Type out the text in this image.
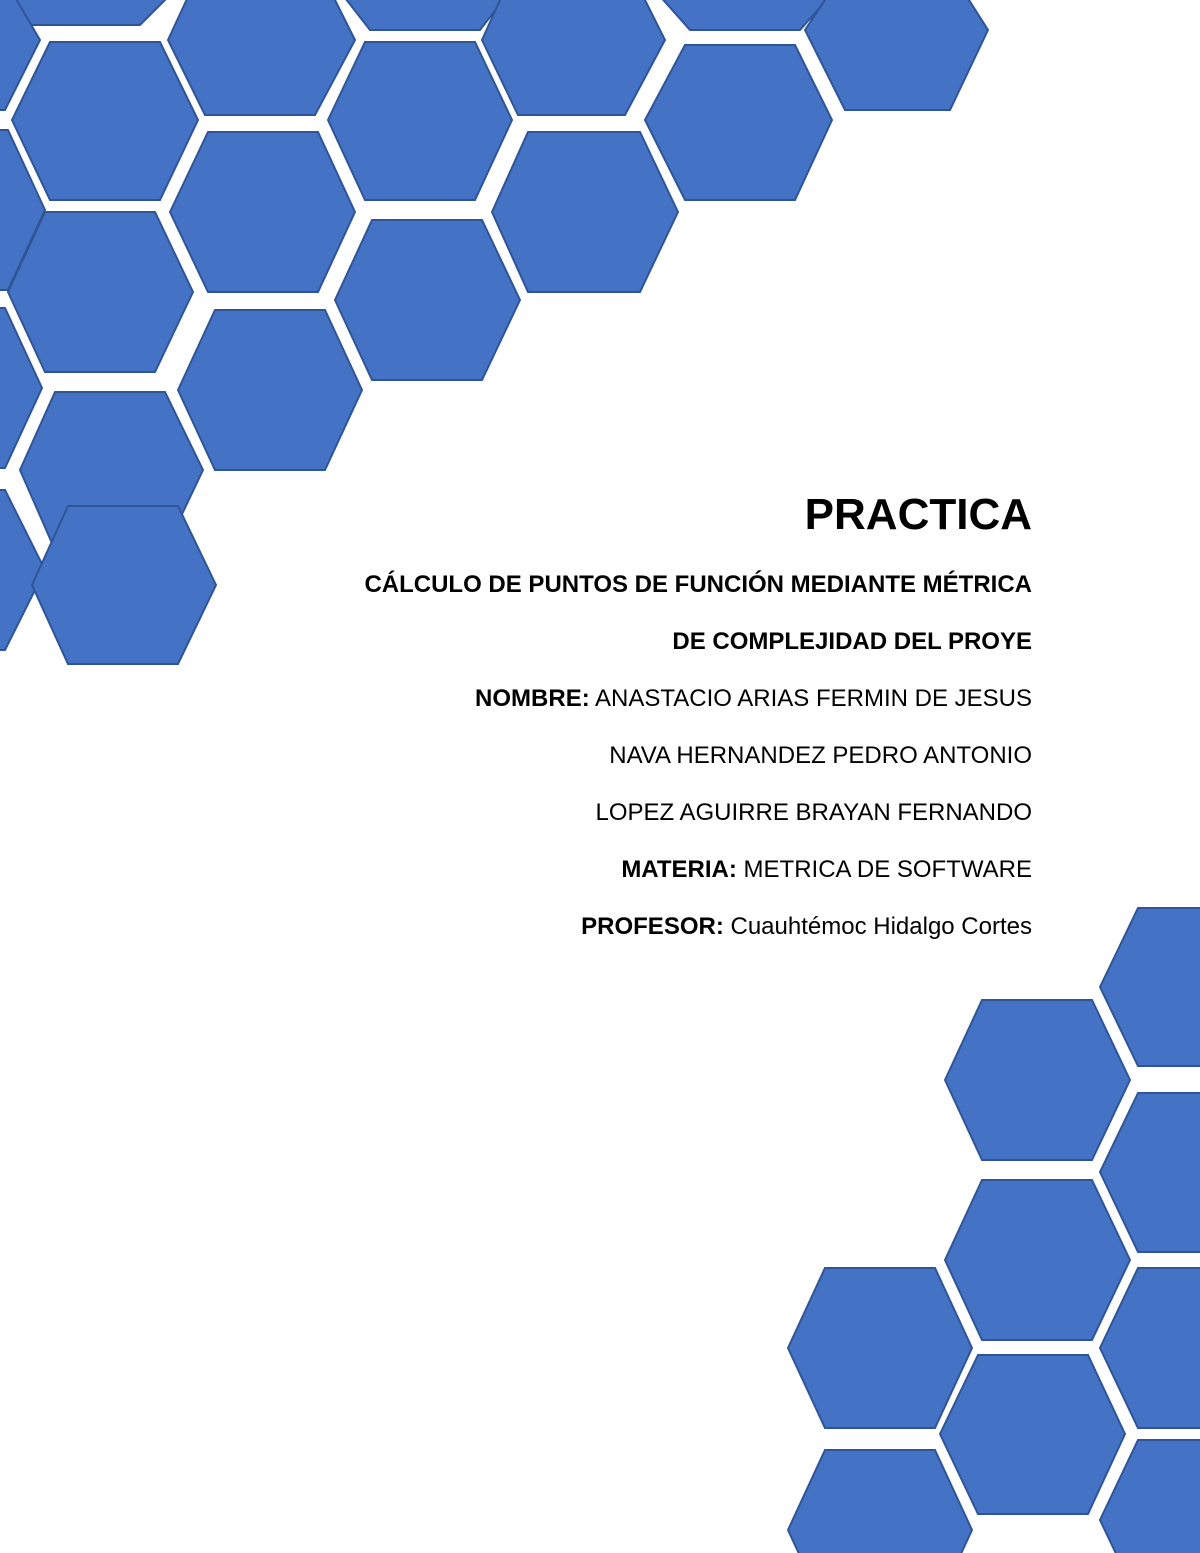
PRACTICA
CÁLCULO DE PUNTOS DE FUNCIÓN MEDIANTE MÉTRICA
DE COMPLEJIDAD DEL PROYE
NOMBRE: ANASTACIO ARIAS FERMIN DE JESUS
NAVA HERNANDEZ PEDRO ANTONIO
LOPEZ AGUIRRE BRAYAN FERNANDO
MATERIA: METRICA DE SOFTWARE
PROFESOR: Cuauhtémoc Hidalgo Cortes
